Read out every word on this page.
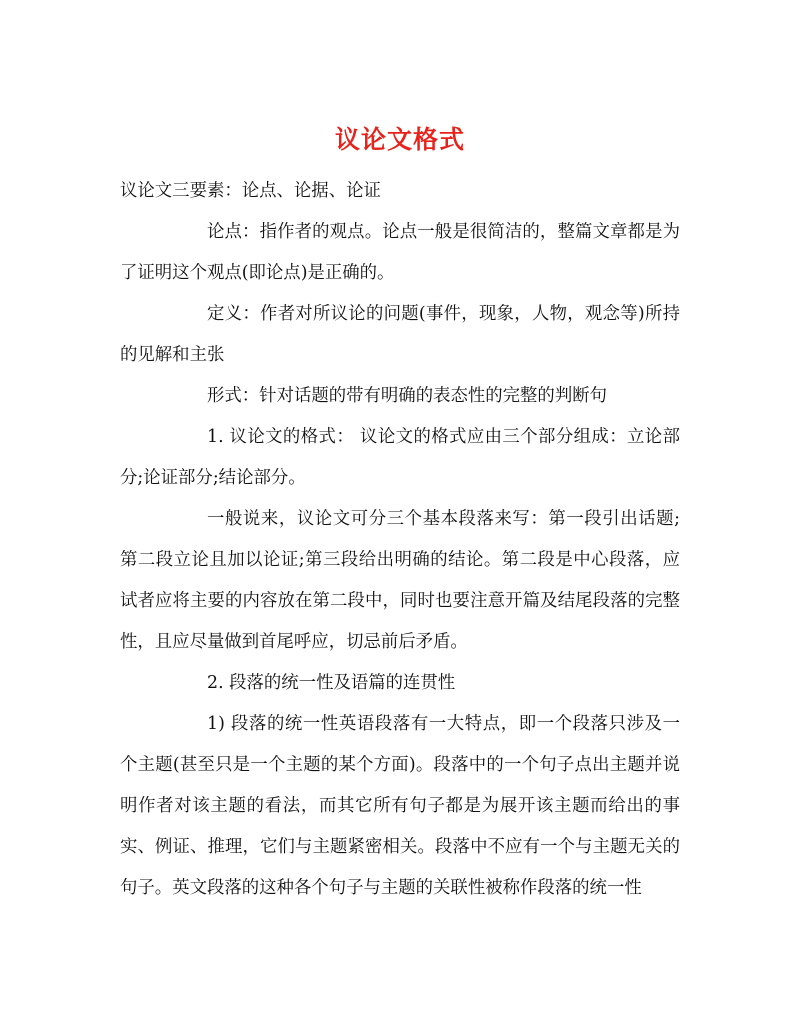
议论文格式

议论文三要素：论点、论据、论证

论点：指作者的观点。论点一般是很简洁的，整篇文章都是为了证明这个观点(即论点)是正确的。

定义：作者对所议论的问题(事件，现象，人物，观念等)所持的见解和主张

形式：针对话题的带有明确的表态性的完整的判断句

1. 议论文的格式： 议论文的格式应由三个部分组成：立论部分;论证部分;结论部分。

一般说来，议论文可分三个基本段落来写：第一段引出话题;第二段立论且加以论证;第三段给出明确的结论。第二段是中心段落，应试者应将主要的内容放在第二段中，同时也要注意开篇及结尾段落的完整性，且应尽量做到首尾呼应，切忌前后矛盾。

2. 段落的统一性及语篇的连贯性

1) 段落的统一性英语段落有一大特点，即一个段落只涉及一个主题(甚至只是一个主题的某个方面)。段落中的一个句子点出主题并说明作者对该主题的看法，而其它所有句子都是为展开该主题而给出的事实、例证、推理，它们与主题紧密相关。段落中不应有一个与主题无关的句子。英文段落的这种各个句子与主题的关联性被称作段落的统一性
